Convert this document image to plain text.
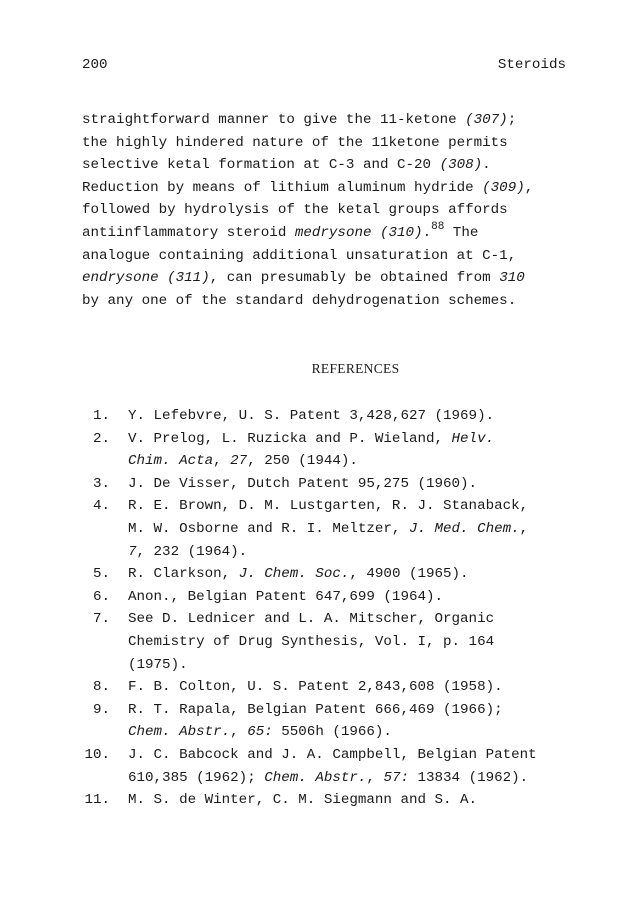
200	Steroids
straightforward manner to give the 11-ketone (307);
the highly hindered nature of the 11ketone permits
selective ketal formation at C-3 and C-20 (308).
Reduction by means of lithium aluminum hydride (309),
followed by hydrolysis of the ketal groups affords
antiinflammatory steroid medrysone (310).$^{88}$ The
analogue containing additional unsaturation at C-1,
endrysone (311), can presumably be obtained from 310
by any one of the standard dehydrogenation schemes.
REFERENCES
1. Y. Lefebvre, U. S. Patent 3,428,627 (1969).
2. V. Prelog, L. Ruzicka and P. Wieland, Helv.
Chim. Acta, 27, 250 (1944).
3. J. De Visser, Dutch Patent 95,275 (1960).
4. R. E. Brown, D. M. Lustgarten, R. J. Stanaback,
M. W. Osborne and R. I. Meltzer, J. Med. Chem.,
7, 232 (1964).
5. R. Clarkson, J. Chem. Soc., 4900 (1965).
6. Anon., Belgian Patent 647,699 (1964).
7. See D. Lednicer and L. A. Mitscher, Organic
Chemistry of Drug Synthesis, Vol. I, p. 164
(1975).
8. F. B. Colton, U. S. Patent 2,843,608 (1958).
9. R. T. Rapala, Belgian Patent 666,469 (1966);
Chem. Abstr., 65: 5506h (1966).
10. J. C. Babcock and J. A. Campbell, Belgian Patent
610,385 (1962); Chem. Abstr., 57: 13834 (1962).
11. M. S. de Winter, C. M. Siegmann and S. A.
